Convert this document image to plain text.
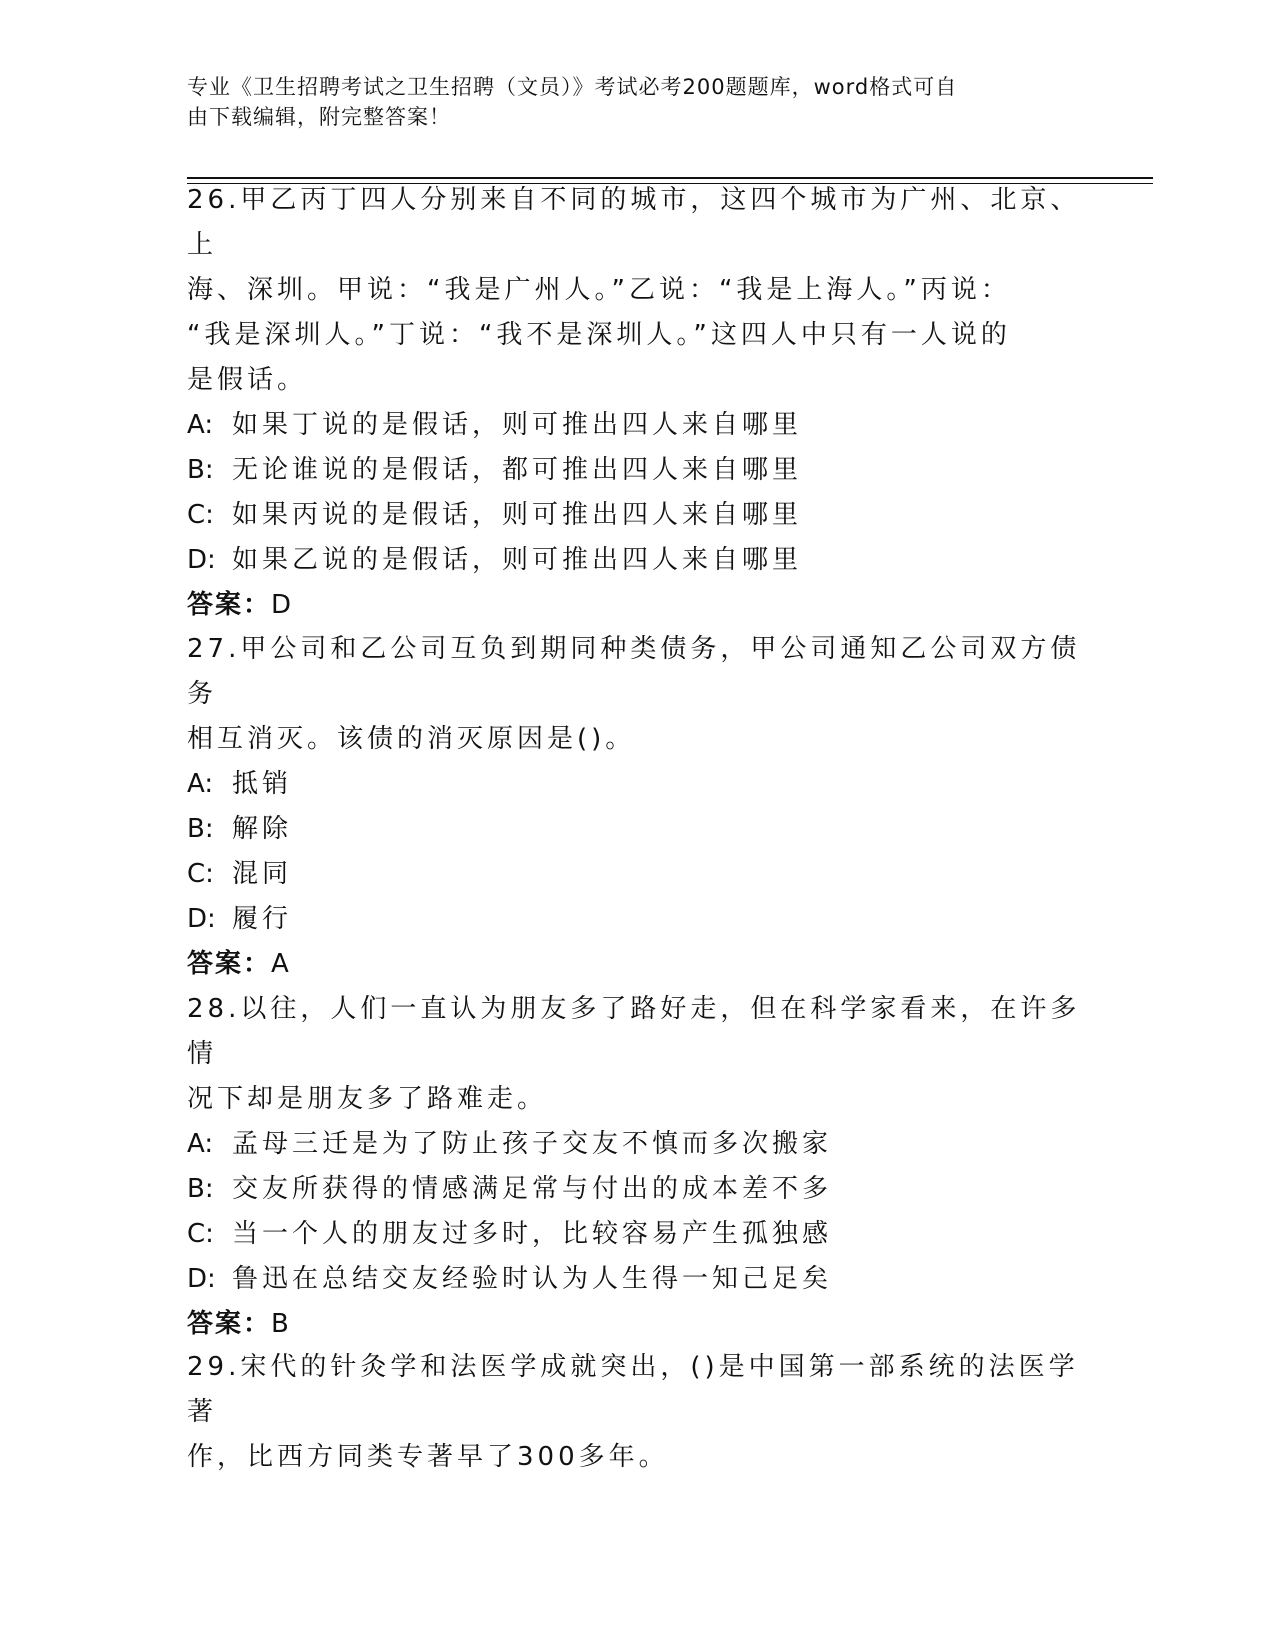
专业《卫生招聘考试之卫生招聘（文员）》考试必考200题题库，word格式可自
由下载编辑，附完整答案！

26.甲乙丙丁四人分别来自不同的城市，这四个城市为广州、北京、上

海、深圳。甲说：“我是广州人。”乙说：“我是上海人。”丙说：

“我是深圳人。”丁说：“我不是深圳人。”这四人中只有一人说的

是假话。

A: 如果丁说的是假话，则可推出四人来自哪里

B: 无论谁说的是假话，都可推出四人来自哪里

C: 如果丙说的是假话，则可推出四人来自哪里

D: 如果乙说的是假话，则可推出四人来自哪里

答案：D

27.甲公司和乙公司互负到期同种类债务，甲公司通知乙公司双方债务

相互消灭。该债的消灭原因是()。

A: 抵销

B: 解除

C: 混同

D: 履行

答案：A

28.以往，人们一直认为朋友多了路好走，但在科学家看来，在许多情

况下却是朋友多了路难走。

A: 孟母三迁是为了防止孩子交友不慎而多次搬家

B: 交友所获得的情感满足常与付出的成本差不多

C: 当一个人的朋友过多时，比较容易产生孤独感

D: 鲁迅在总结交友经验时认为人生得一知己足矣

答案：B

29.宋代的针灸学和法医学成就突出，()是中国第一部系统的法医学著

作，比西方同类专著早了300多年。
